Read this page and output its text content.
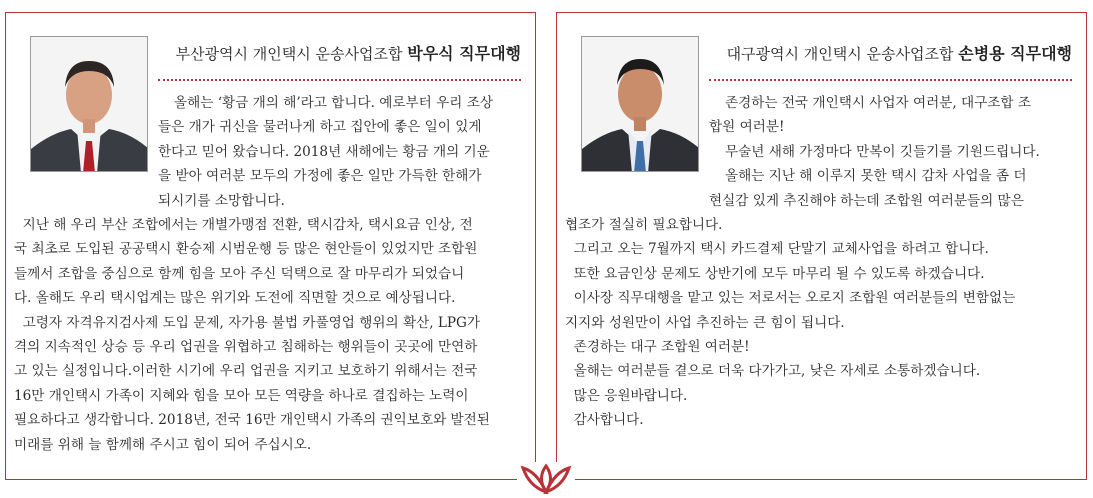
부산광역시 개인택시 운송사업조합 박우식 직무대행

올해는 ‘황금 개의 해’라고 합니다. 예로부터 우리 조상

들은 개가 귀신을 물러나게 하고 집안에 좋은 일이 있게

한다고 믿어 왔습니다. 2018년 새해에는 황금 개의 기운

을 받아 여러분 모두의 가정에 좋은 일만 가득한 한해가

되시기를 소망합니다.

지난 해 우리 부산 조합에서는 개별가맹점 전환, 택시감차, 택시요금 인상, 전

국 최초로 도입된 공공택시 환승제 시범운행 등 많은 현안들이 있었지만 조합원

들께서 조합을 중심으로 함께 힘을 모아 주신 덕택으로 잘 마무리가 되었습니

다. 올해도 우리 택시업계는 많은 위기와 도전에 직면할 것으로 예상됩니다.

고령자 자격유지검사제 도입 문제, 자가용 불법 카풀영업 행위의 확산, LPG가

격의 지속적인 상승 등 우리 업권을 위협하고 침해하는 행위들이 곳곳에 만연하

고 있는 실정입니다.이러한 시기에 우리 업권을 지키고 보호하기 위해서는 전국

16만 개인택시 가족이 지혜와 힘을 모아 모든 역량을 하나로 결집하는 노력이

필요하다고 생각합니다. 2018년, 전국 16만 개인택시 가족의 권익보호와 발전된

미래를 위해 늘 함께해 주시고 힘이 되어 주십시오.

대구광역시 개인택시 운송사업조합 손병용 직무대행

존경하는 전국 개인택시 사업자 여러분, 대구조합 조

합원 여러분!

무술년 새해 가정마다 만복이 깃들기를 기원드립니다.

올해는 지난 해 이루지 못한 택시 감차 사업을 좀 더

현실감 있게 추진해야 하는데 조합원 여러분들의 많은

협조가 절실히 필요합니다.

그리고 오는 7월까지 택시 카드결제 단말기 교체사업을 하려고 합니다.

또한 요금인상 문제도 상반기에 모두 마무리 될 수 있도록 하겠습니다.

이사장 직무대행을 맡고 있는 저로서는 오로지 조합원 여러분들의 변함없는

지지와 성원만이 사업 추진하는 큰 힘이 됩니다.

존경하는 대구 조합원 여러분!

올해는 여러분들 곁으로 더욱 다가가고, 낮은 자세로 소통하겠습니다.

많은 응원바랍니다.

감사합니다.
